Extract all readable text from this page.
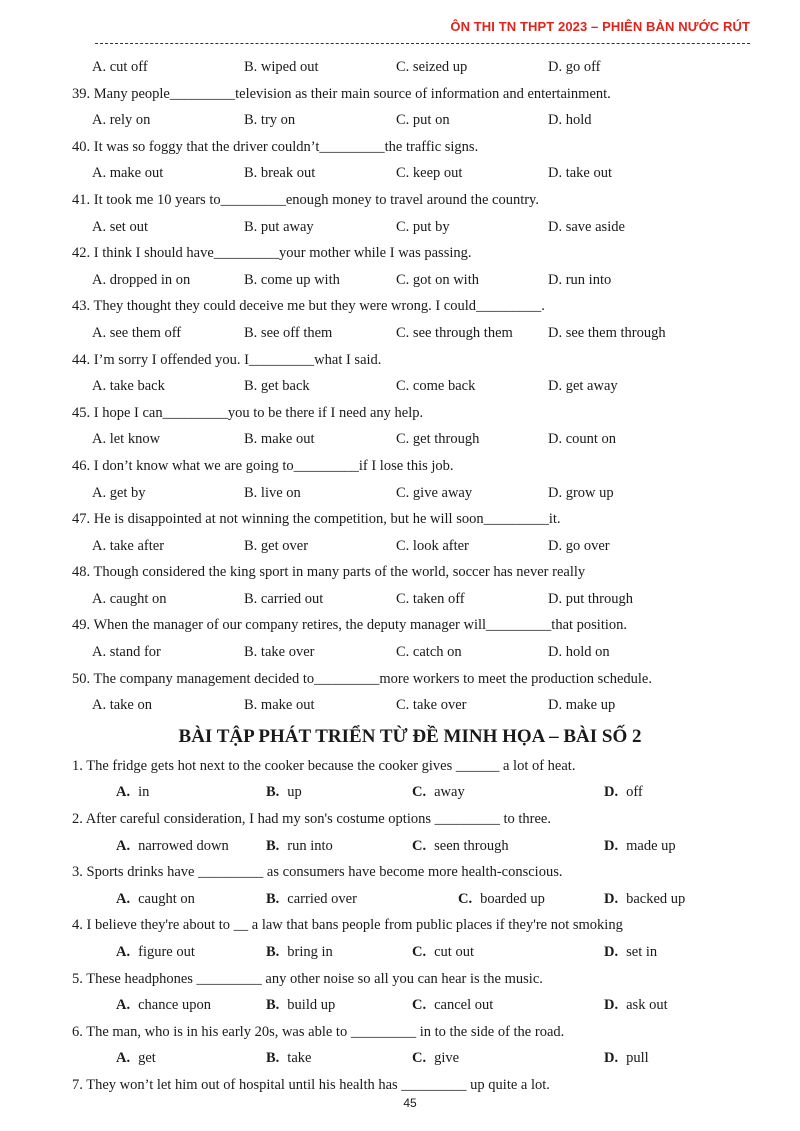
ÔN THI TN THPT 2023 – PHIÊN BẢN NƯỚC RÚT
A. cut off	B. wiped out	C. seized up	D. go off
39. Many people_________television as their main source of information and entertainment.
A. rely on	B. try on	C. put on	D. hold
40. It was so foggy that the driver couldn’t_________the traffic signs.
A. make out	B. break out	C. keep out	D. take out
41. It took me 10 years to_________enough money to travel around the country.
A. set out	B. put away	C. put by	D. save aside
42. I think I should have_________your mother while I was passing.
A. dropped in on	B. come up with	C. got on with	D. run into
43. They thought they could deceive me but they were wrong. I could_________.
A. see them off	B. see off them	C. see through them D. see them through
44. I’m sorry I offended you. I_________what I said.
A. take back	B. get back	C. come back	D. get away
45. I hope I can_________you to be there if I need any help.
A. let know	B. make out	C. get through	D. count on
46. I don’t know what we are going to_________if I lose this job.
A. get by	B. live on	C. give away	D. grow up
47. He is disappointed at not winning the competition, but he will soon_________it.
A. take after	B. get over	C. look after	D. go over
48. Though considered the king sport in many parts of the world, soccer has never really
A. caught on	B. carried out	C. taken off	D. put through
49. When the manager of our company retires, the deputy manager will_________that position.
A. stand for	B. take over	C. catch on	D. hold on
50. The company management decided to_________more workers to meet the production schedule.
A. take on	B. make out	C. take over	D. make up
BÀI TẬP PHÁT TRIỂN TỪ ĐỀ MINH HỌA – BÀI SỐ 2
1. The fridge gets hot next to the cooker because the cooker gives ______ a lot of heat.
A. in	B. up	C. away	D. off
2. After careful consideration, I had my son's costume options _________ to three.
A. narrowed down	B. run into	C. seen through	D. made up
3. Sports drinks have _________ as consumers have become more health-conscious.
A. caught on	B. carried over	C. boarded up	D. backed up
4. I believe they're about to __ a law that bans people from public places if they're not smoking
A. figure out	B. bring in	C. cut out	D. set in
5. These headphones _________ any other noise so all you can hear is the music.
A. chance upon	B. build up	C. cancel out	D. ask out
6. The man, who is in his early 20s, was able to _________ in to the side of the road.
A. get	B. take	C. give	D. pull
7. They won’t let him out of hospital until his health has _________ up quite a lot.
45
